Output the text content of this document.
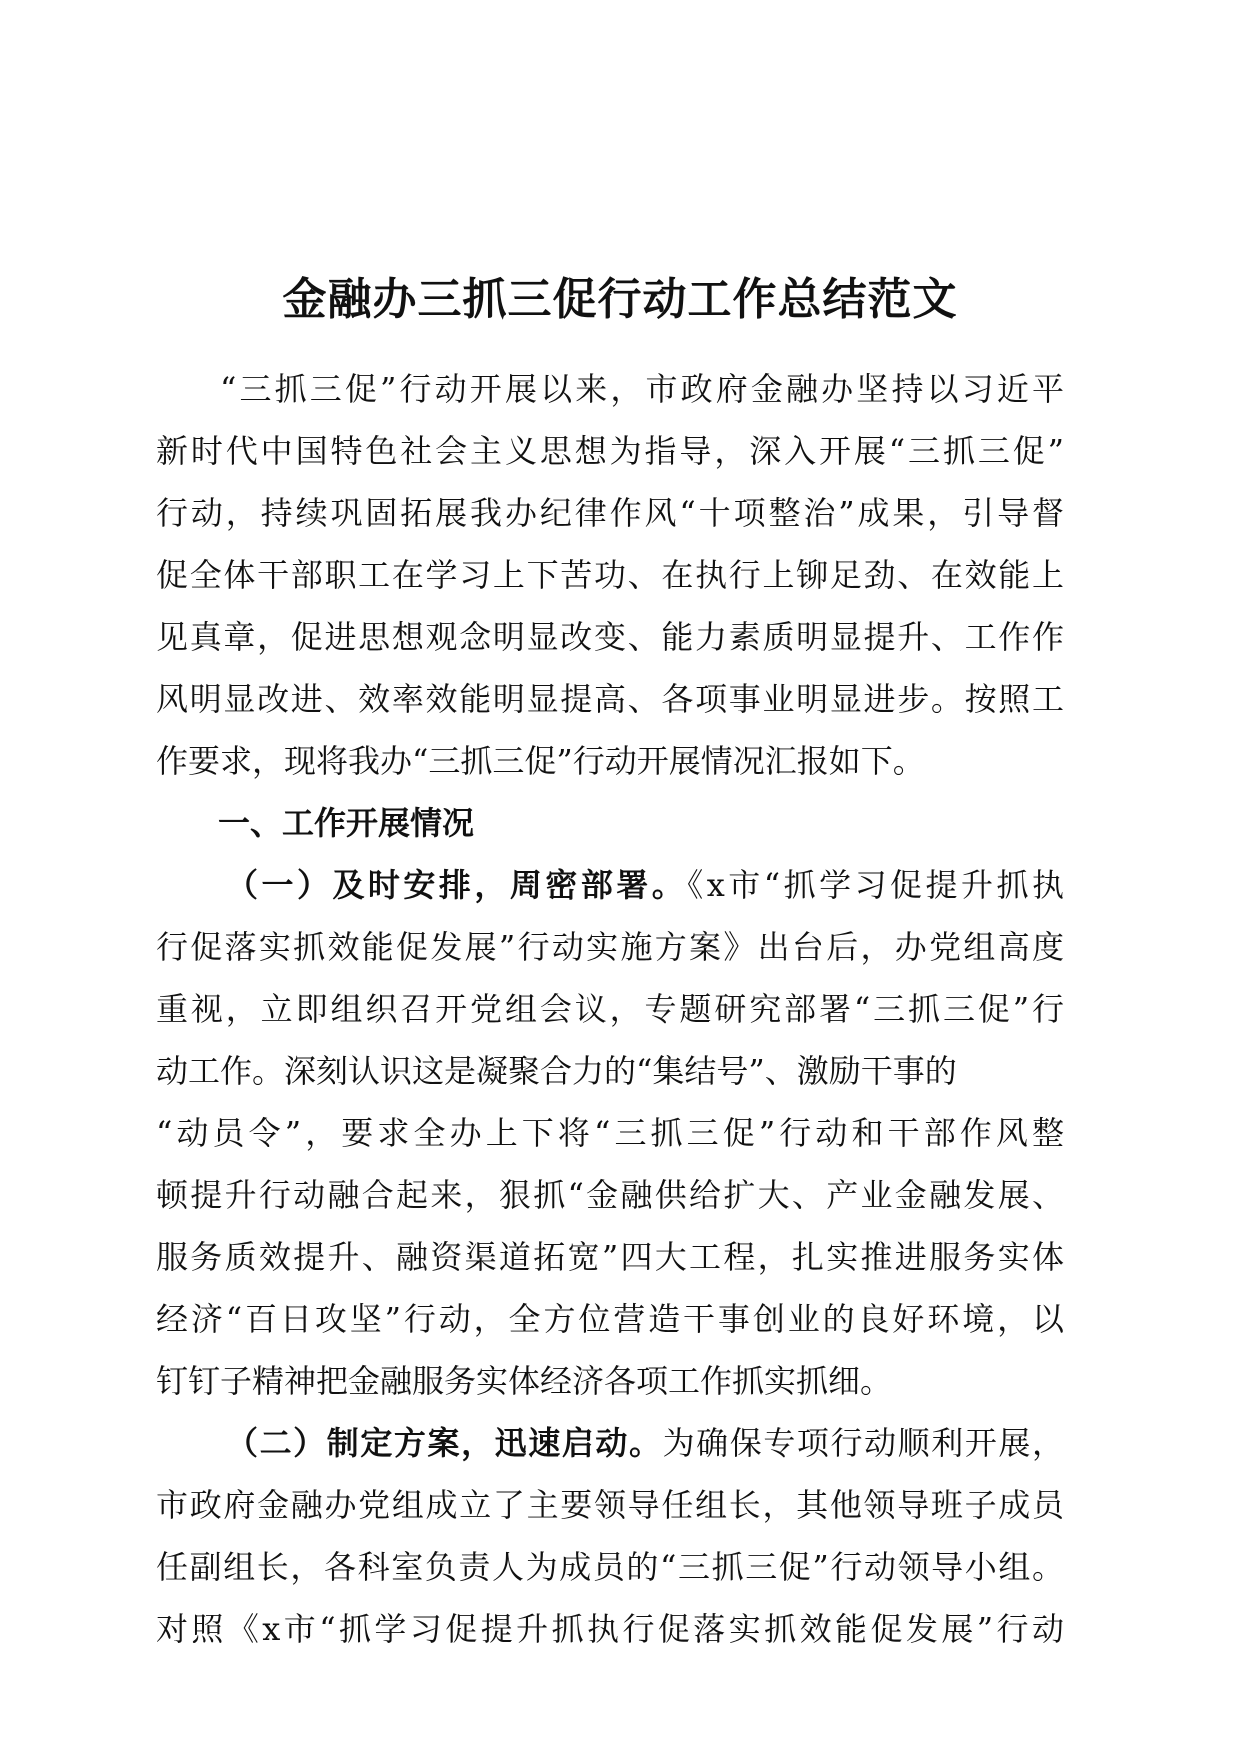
金融办三抓三促行动工作总结范文
“三抓三促”行动开展以来，市政府金融办坚持以习近平
新时代中国特色社会主义思想为指导，深入开展“三抓三促”
行动，持续巩固拓展我办纪律作风“十项整治”成果，引导督
促全体干部职工在学习上下苦功、在执行上铆足劲、在效能上
见真章，促进思想观念明显改变、能力素质明显提升、工作作
风明显改进、效率效能明显提高、各项事业明显进步。按照工
作要求，现将我办“三抓三促”行动开展情况汇报如下。
一、工作开展情况
（一）及时安排，周密部署。《x市“抓学习促提升抓执
行促落实抓效能促发展”行动实施方案》出台后，办党组高度
重视，立即组织召开党组会议，专题研究部署“三抓三促”行
动工作。深刻认识这是凝聚合力的“集结号”、激励干事的
“动员令”，要求全办上下将“三抓三促”行动和干部作风整
顿提升行动融合起来，狠抓“金融供给扩大、产业金融发展、
服务质效提升、融资渠道拓宽”四大工程，扎实推进服务实体
经济“百日攻坚”行动，全方位营造干事创业的良好环境，以
钉钉子精神把金融服务实体经济各项工作抓实抓细。
（二）制定方案，迅速启动。为确保专项行动顺利开展，
市政府金融办党组成立了主要领导任组长，其他领导班子成员
任副组长，各科室负责人为成员的“三抓三促”行动领导小组。
对照《x市“抓学习促提升抓执行促落实抓效能促发展”行动
